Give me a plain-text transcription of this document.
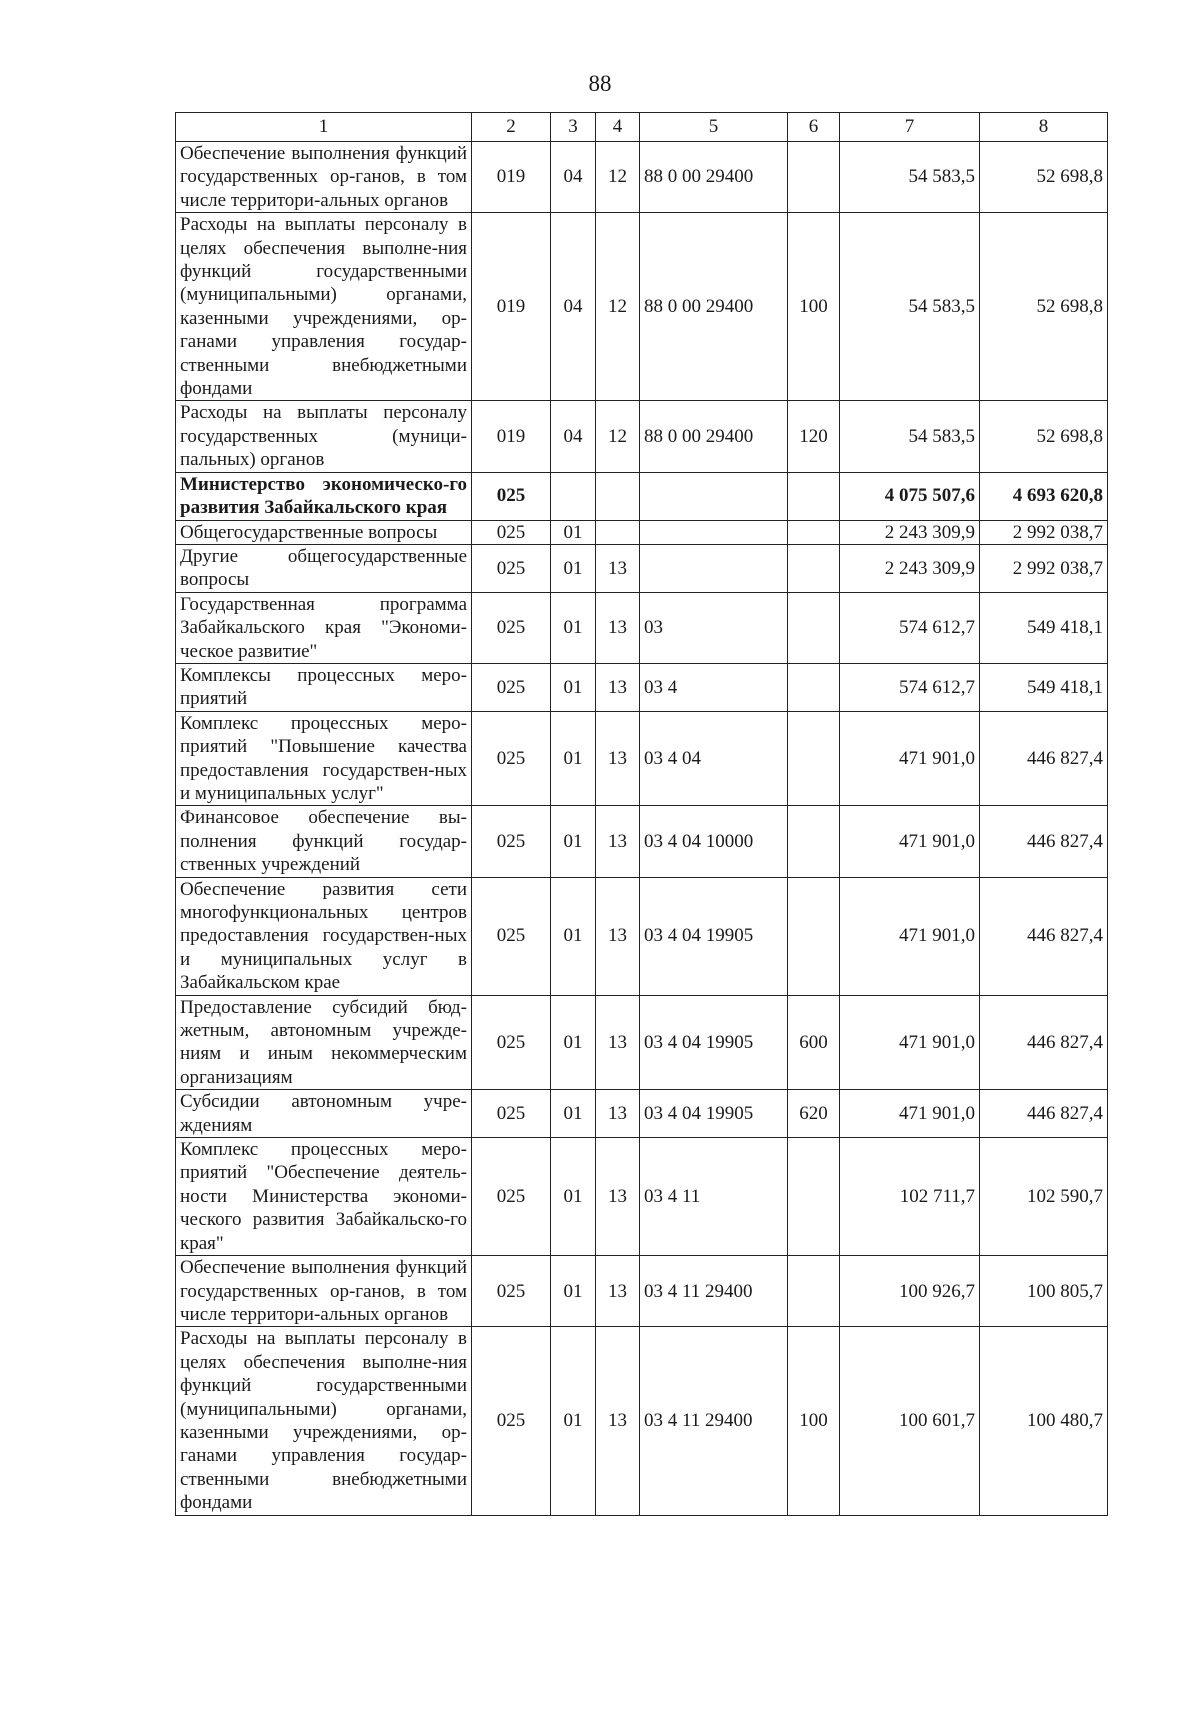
88
1	2	3	4	5	6	7	8
Обеспечение выполнения функций государственных ор-ганов, в том числе территори-альных органов	019	04	12	88 0 00 29400		54 583,5	52 698,8
Расходы на выплаты персоналу в целях обеспечения выполне-ния функций государственными (муниципальными) органами, казенными учреждениями, ор-ганами управления государ-ственными внебюджетными фондами	019	04	12	88 0 00 29400	100	54 583,5	52 698,8
Расходы на выплаты персоналу государственных (муници-пальных) органов	019	04	12	88 0 00 29400	120	54 583,5	52 698,8
Министерство экономическо-го развития Забайкальского края	025					4 075 507,6	4 693 620,8
Общегосударственные вопросы	025	01				2 243 309,9	2 992 038,7
Другие общегосударственные вопросы	025	01	13			2 243 309,9	2 992 038,7
Государственная программа Забайкальского края "Экономи-ческое развитие"	025	01	13	03		574 612,7	549 418,1
Комплексы процессных меро-приятий	025	01	13	03 4		574 612,7	549 418,1
Комплекс процессных меро-приятий "Повышение качества предоставления государствен-ных и муниципальных услуг"	025	01	13	03 4 04		471 901,0	446 827,4
Финансовое обеспечение вы-полнения функций государ-ственных учреждений	025	01	13	03 4 04 10000		471 901,0	446 827,4
Обеспечение развития сети многофункциональных центров предоставления государствен-ных и муниципальных услуг в Забайкальском крае	025	01	13	03 4 04 19905		471 901,0	446 827,4
Предоставление субсидий бюд-жетным, автономным учрежде-ниям и иным некоммерческим организациям	025	01	13	03 4 04 19905	600	471 901,0	446 827,4
Субсидии автономным учре-ждениям	025	01	13	03 4 04 19905	620	471 901,0	446 827,4
Комплекс процессных меро-приятий "Обеспечение деятель-ности Министерства экономи-ческого развития Забайкальско-го края"	025	01	13	03 4 11		102 711,7	102 590,7
Обеспечение выполнения функций государственных ор-ганов, в том числе территори-альных органов	025	01	13	03 4 11 29400		100 926,7	100 805,7
Расходы на выплаты персоналу в целях обеспечения выполне-ния функций государственными (муниципальными) органами, казенными учреждениями, ор-ганами управления государ-ственными внебюджетными фондами	025	01	13	03 4 11 29400	100	100 601,7	100 480,7
